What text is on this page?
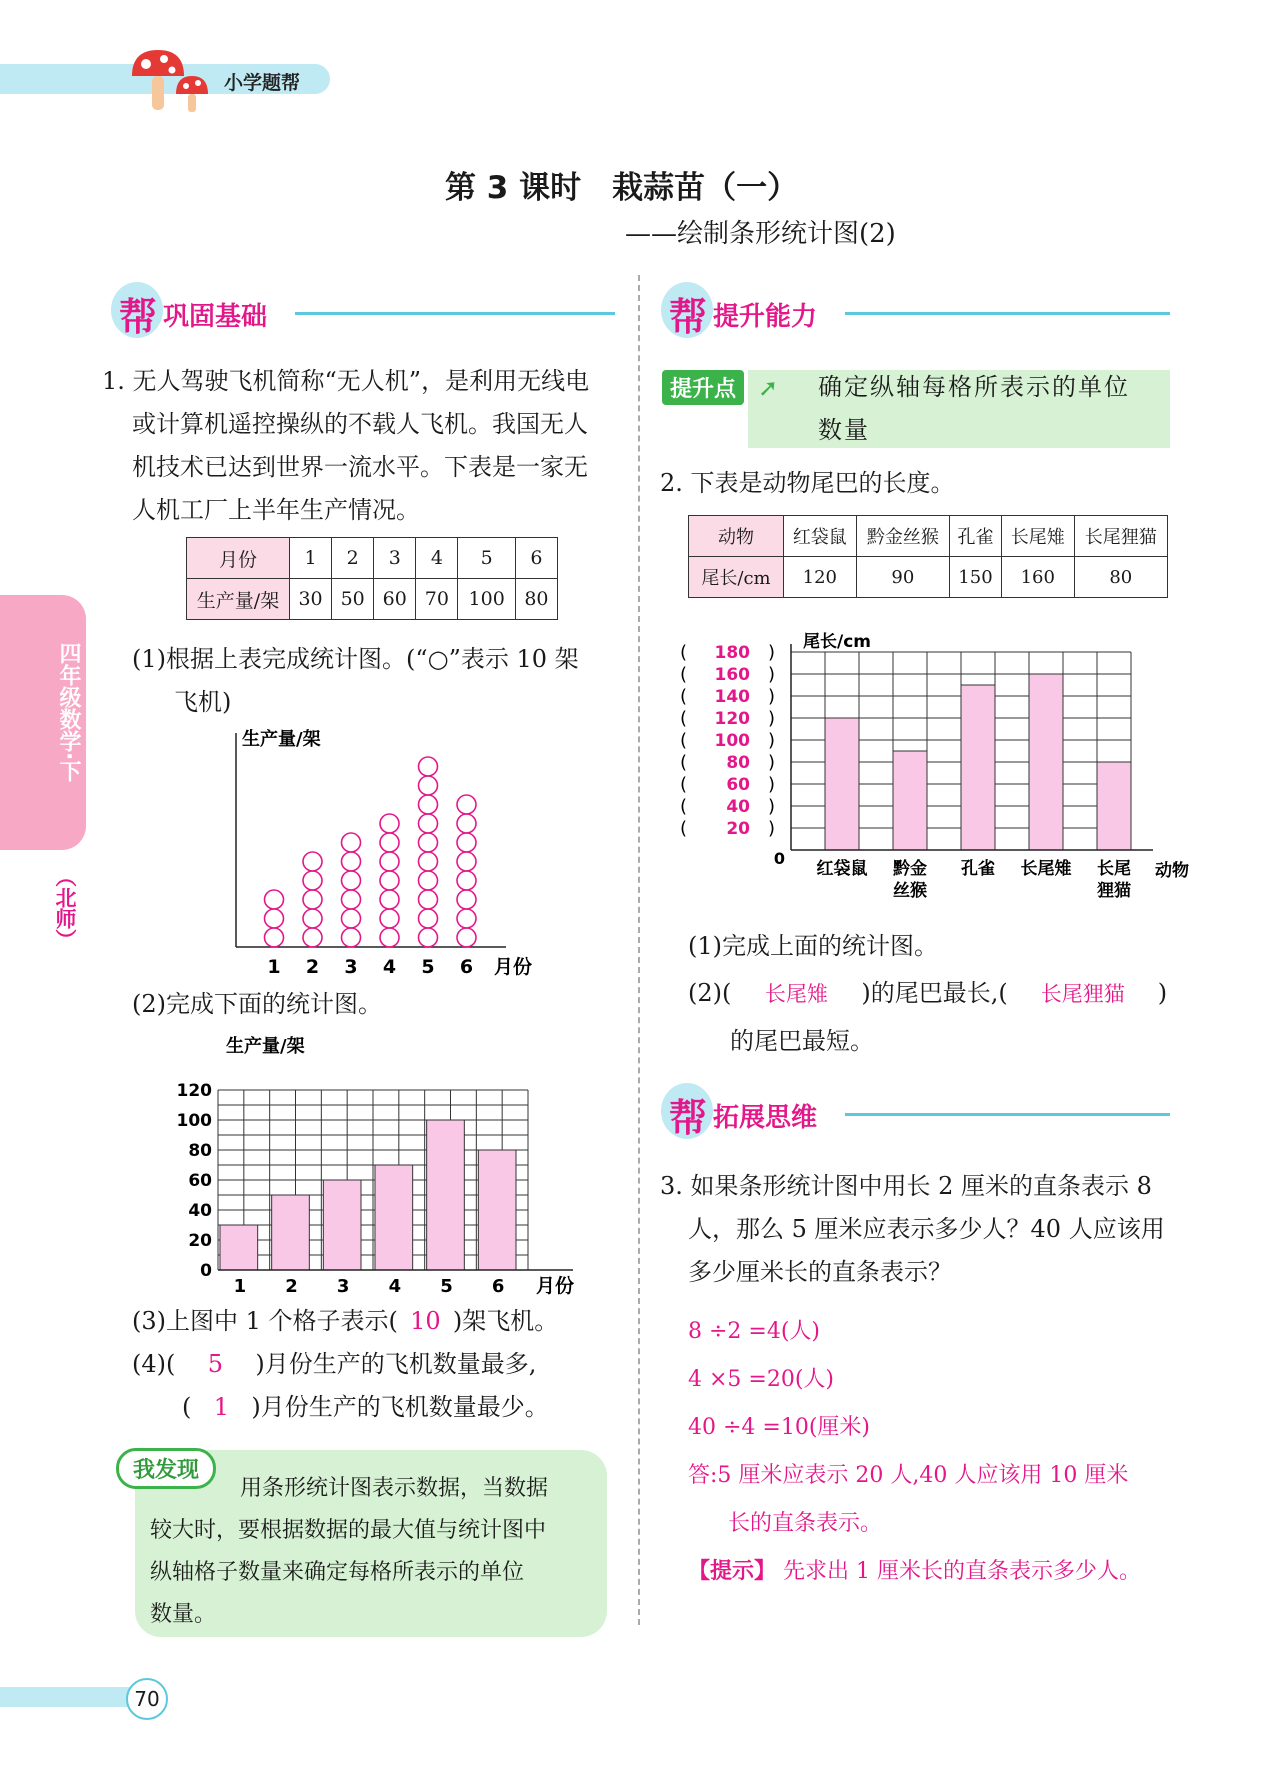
小学题帮
四年级数学·下
（北师）
第 3 课时　栽蒜苗（一）
——绘制条形统计图(2)
帮 巩固基础
1. 无人驾驶飞机简称“无人机”，是利用无线电
或计算机遥控操纵的不载人飞机。我国无人
机技术已达到世界一流水平。下表是一家无
人机工厂上半年生产情况。
月份	1	2	3	4	5	6
生产量/架	30	50	60	70	100	80
(1)根据上表完成统计图。(“○”表示 10 架
飞机)
生产量/架
1 2 3 4 5 6 月份
(2)完成下面的统计图。
生产量/架
1 2 3 4 5 6
0
20
40
60
80
100
120
月份
(3)上图中 1 个格子表示( 10 )架飞机。
(4)( 5 )月份生产的飞机数量最多,
( 1 )月份生产的飞机数量最少。
我发现
用条形统计图表示数据，当数据
较大时，要根据数据的最大值与统计图中
纵轴格子数量来确定每格所表示的单位
数量。
帮 提升能力
提升点 ➚ 确定纵轴每格所表示的单位
数量
2. 下表是动物尾巴的长度。
动物	红袋鼠	黔金丝猴	孔雀	长尾雉	长尾狸猫
尾长/cm	120	90	150	160	80
尾长/cm
红袋鼠 黔金
丝猴
孔雀 长尾雉 长尾
狸猫
( 20 )
( 40 )
( 60 )
( 80 )
( 100 )
( 120 )
( 140 )
( 160 )
( 180 )
0
动物
(1)完成上面的统计图。
(2)( 长尾雉 )的尾巴最长,( 长尾狸猫 )
的尾巴最短。
帮 拓展思维
3. 如果条形统计图中用长 2 厘米的直条表示 8
人，那么 5 厘米应表示多少人？40 人应该用
多少厘米长的直条表示？
8 ÷2 =4(人)
4 ×5 =20(人)
40 ÷4 =10(厘米)
答:5 厘米应表示 20 人,40 人应该用 10 厘米
长的直条表示。
【提示】 先求出 1 厘米长的直条表示多少人。
70
